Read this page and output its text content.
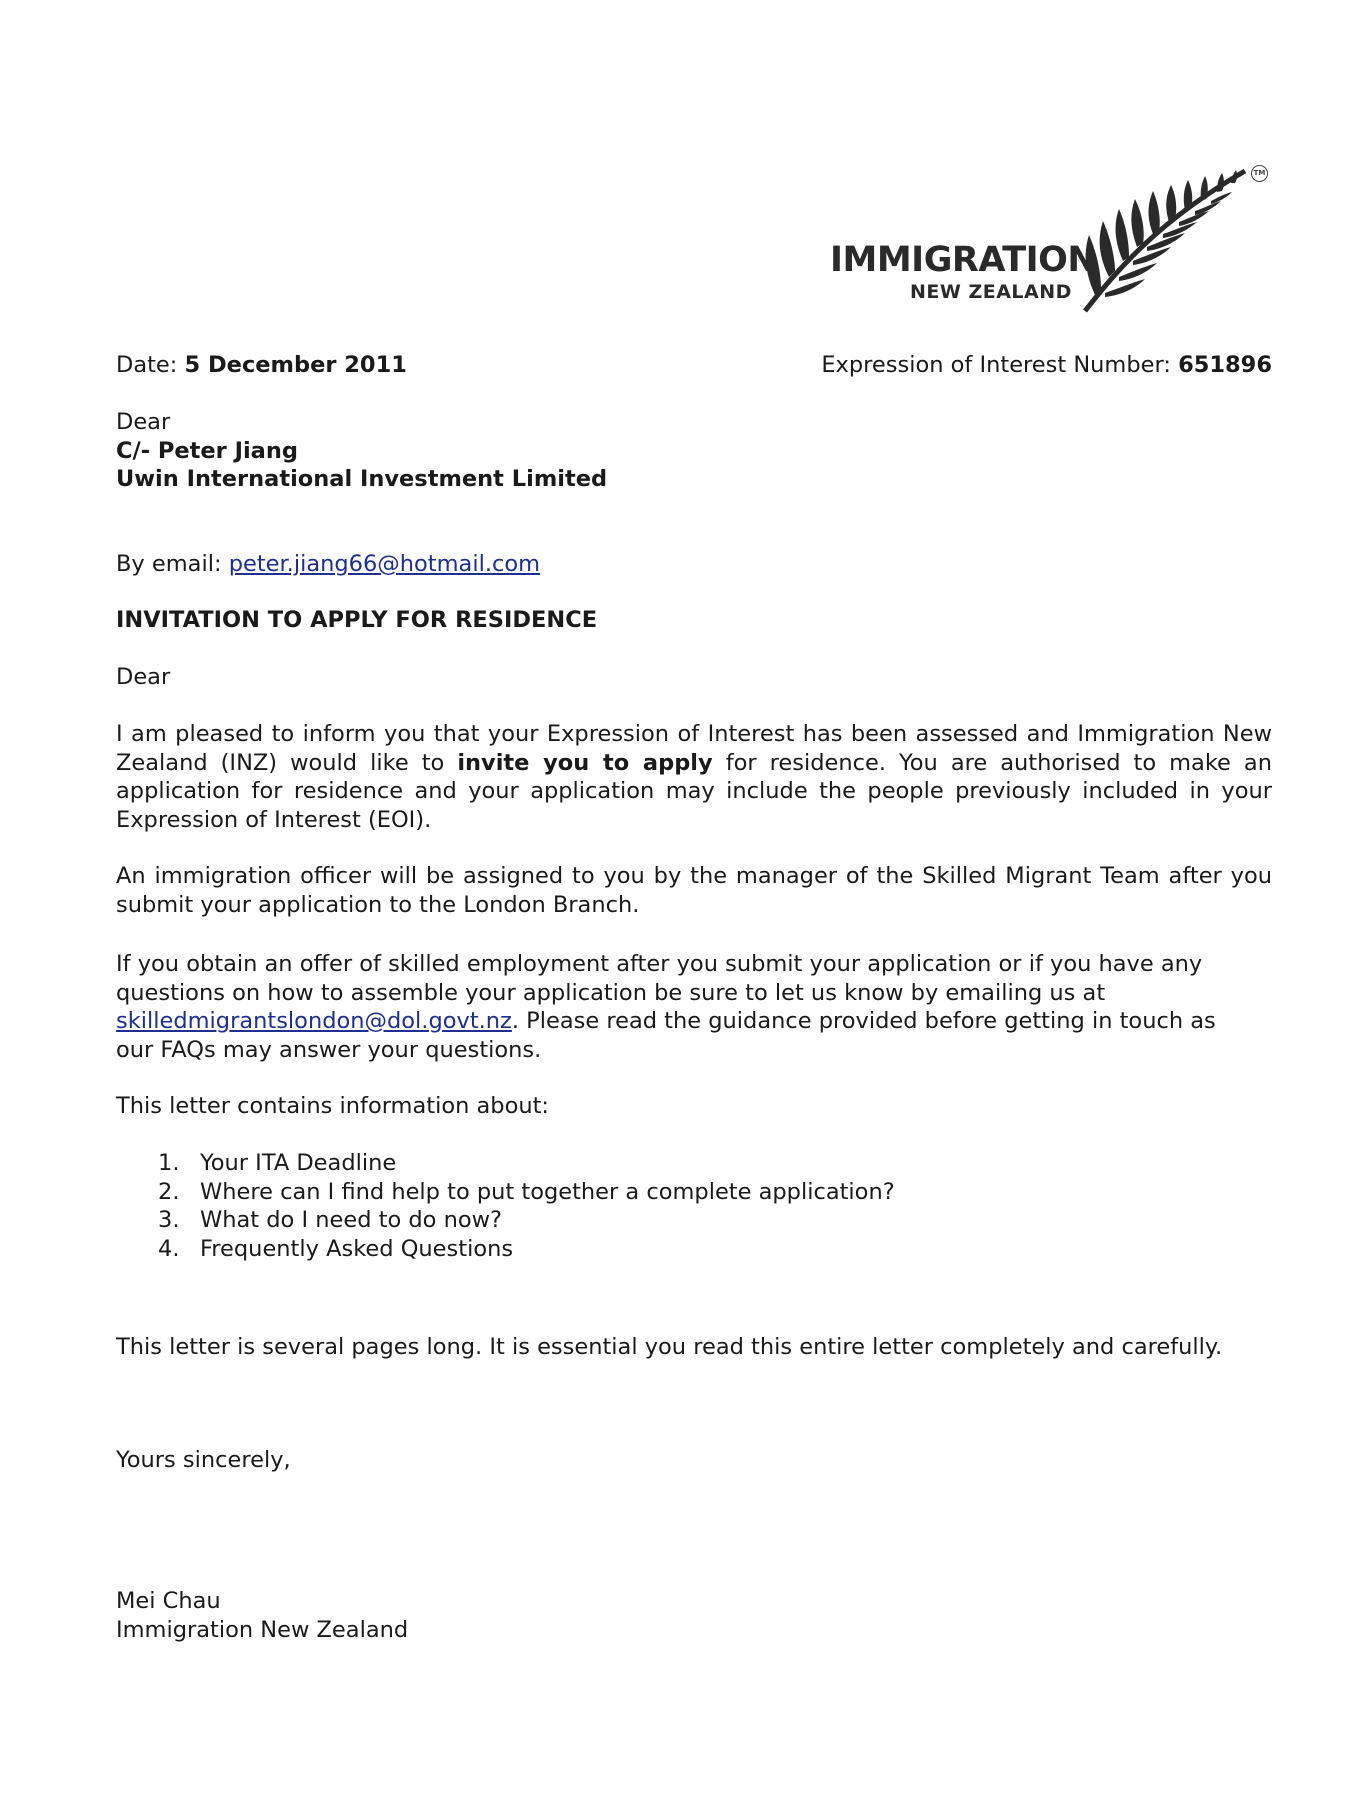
IMMIGRATION
NEW ZEALAND
TM
Date: 5 December 2011	Expression of Interest Number: 651896
Dear
C/- Peter Jiang
Uwin International Investment Limited
By email: peter.jiang66@hotmail.com
INVITATION TO APPLY FOR RESIDENCE
Dear
I am pleased to inform you that your Expression of Interest has been assessed and Immigration New Zealand (INZ) would like to invite you to apply for residence. You are authorised to make an application for residence and your application may include the people previously included in your Expression of Interest (EOI).
An immigration officer will be assigned to you by the manager of the Skilled Migrant Team after you submit your application to the London Branch.
If you obtain an offer of skilled employment after you submit your application or if you have any questions on how to assemble your application be sure to let us know by emailing us at skilledmigrantslondon@dol.govt.nz. Please read the guidance provided before getting in touch as our FAQs may answer your questions.
This letter contains information about:
1. Your ITA Deadline
2. Where can I find help to put together a complete application?
3. What do I need to do now?
4. Frequently Asked Questions
This letter is several pages long. It is essential you read this entire letter completely and carefully.
Yours sincerely,
Mei Chau
Immigration New Zealand
